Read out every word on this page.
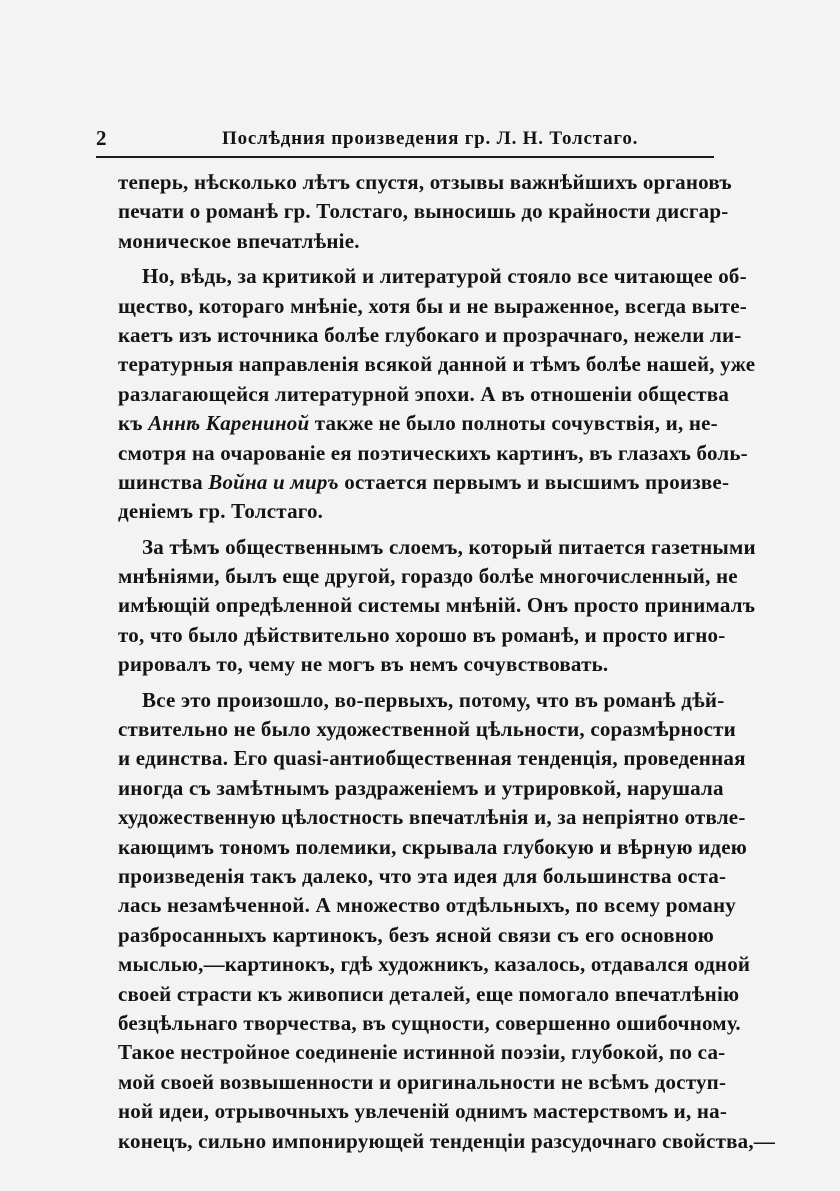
2	Послѣдния произведения гр. Л. Н. Толстаго.
теперь, нѣсколько лѣтъ спустя, отзывы важнѣйшихъ органовъ
печати о романѣ гр. Толстаго, выносишь до крайности дисгар-
моническое впечатлѣніе.
Но, вѣдь, за критикой и литературой стояло все читающее об-
щество, котораго мнѣніе, хотя бы и не выраженное, всегда выте-
каетъ изъ источника болѣе глубокаго и прозрачнаго, нежели ли-
тературныя направленія всякой данной и тѣмъ болѣе нашей, уже
разлагающейся литературной эпохи. А въ отношеніи общества
къ Аннѣ Карениной также не было полноты сочувствія, и, не-
смотря на очарованіе ея поэтическихъ картинъ, въ глазахъ боль-
шинства Война и миръ остается первымъ и высшимъ произве-
деніемъ гр. Толстаго.
За тѣмъ общественнымъ слоемъ, который питается газетными
мнѣніями, былъ еще другой, гораздо болѣе многочисленный, не
имѣющій опредѣленной системы мнѣній. Онъ просто принималъ
то, что было дѣйствительно хорошо въ романѣ, и просто игно-
рировалъ то, чему не могъ въ немъ сочувствовать.
Все это произошло, во-первыхъ, потому, что въ романѣ дѣй-
ствительно не было художественной цѣльности, соразмѣрности
и единства. Его quasi-антиобщественная тенденція, проведенная
иногда съ замѣтнымъ раздраженіемъ и утрировкой, нарушала
художественную цѣлостность впечатлѣнія и, за непріятно отвле-
кающимъ тономъ полемики, скрывала глубокую и вѣрную идею
произведенія такъ далеко, что эта идея для большинства оста-
лась незамѣченной. А множество отдѣльныхъ, по всему роману
разбросанныхъ картинокъ, безъ ясной связи съ его основною
мыслью,—картинокъ, гдѣ художникъ, казалось, отдавался одной
своей страсти къ живописи деталей, еще помогало впечатлѣнію
безцѣльнаго творчества, въ сущности, совершенно ошибочному.
Такое нестройное соединеніе истинной поэзіи, глубокой, по са-
мой своей возвышенности и оригинальности не всѣмъ доступ-
ной идеи, отрывочныхъ увлеченій однимъ мастерствомъ и, на-
конецъ, сильно импонирующей тенденціи разсудочнаго свойства,—
